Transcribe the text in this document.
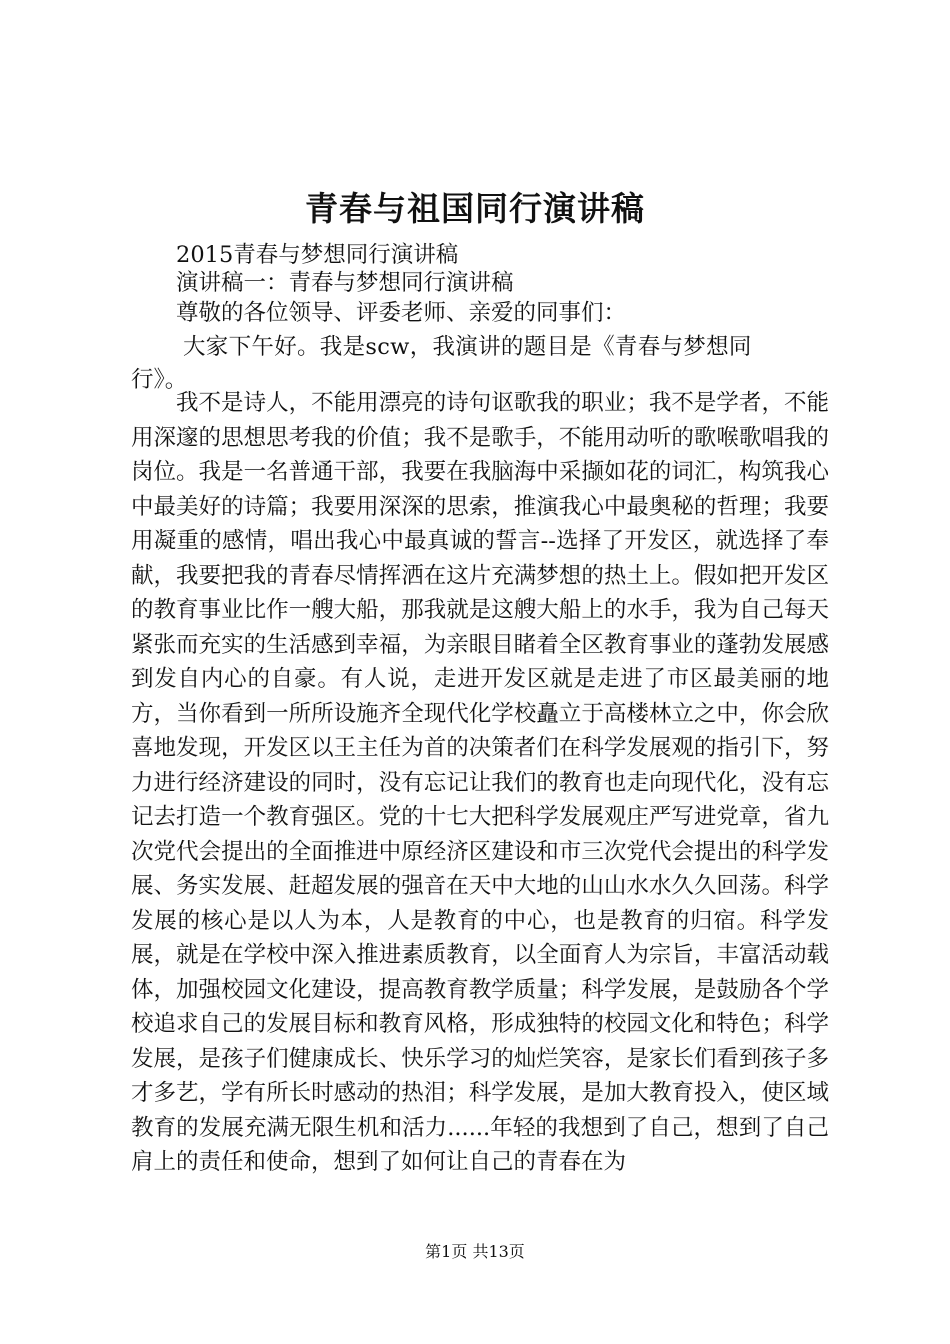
青春与祖国同行演讲稿

2015青春与梦想同行演讲稿

演讲稿一：青春与梦想同行演讲稿

尊敬的各位领导、评委老师、亲爱的同事们：

大家下午好。我是scw，我演讲的题目是《青春与梦想同

行》。

我不是诗人，不能用漂亮的诗句讴歌我的职业；我不是学者，不能用深邃的思想思考我的价值；我不是歌手，不能用动听的歌喉歌唱我的岗位。我是一名普通干部，我要在我脑海中采撷如花的词汇，构筑我心中最美好的诗篇；我要用深深的思索，推演我心中最奥秘的哲理；我要用凝重的感情，唱出我心中最真诚的誓言--选择了开发区，就选择了奉献，我要把我的青春尽情挥洒在这片充满梦想的热土上。假如把开发区的教育事业比作一艘大船，那我就是这艘大船上的水手，我为自己每天紧张而充实的生活感到幸福，为亲眼目睹着全区教育事业的蓬勃发展感到发自内心的自豪。有人说，走进开发区就是走进了市区最美丽的地方，当你看到一所所设施齐全现代化学校矗立于高楼林立之中，你会欣喜地发现，开发区以王主任为首的决策者们在科学发展观的指引下，努力进行经济建设的同时，没有忘记让我们的教育也走向现代化，没有忘记去打造一个教育强区。党的十七大把科学发展观庄严写进党章，省九次党代会提出的全面推进中原经济区建设和市三次党代会提出的科学发展、务实发展、赶超发展的强音在天中大地的山山水水久久回荡。科学发展的核心是以人为本，人是教育的中心，也是教育的归宿。科学发展，就是在学校中深入推进素质教育，以全面育人为宗旨，丰富活动载体，加强校园文化建设，提高教育教学质量；科学发展，是鼓励各个学校追求自己的发展目标和教育风格，形成独特的校园文化和特色；科学发展，是孩子们健康成长、快乐学习的灿烂笑容，是家长们看到孩子多才多艺，学有所长时感动的热泪；科学发展，是加大教育投入，使区域教育的发展充满无限生机和活力......年轻的我想到了自己，想到了自己肩上的责任和使命，想到了如何让自己的青春在为

第1页 共13页
